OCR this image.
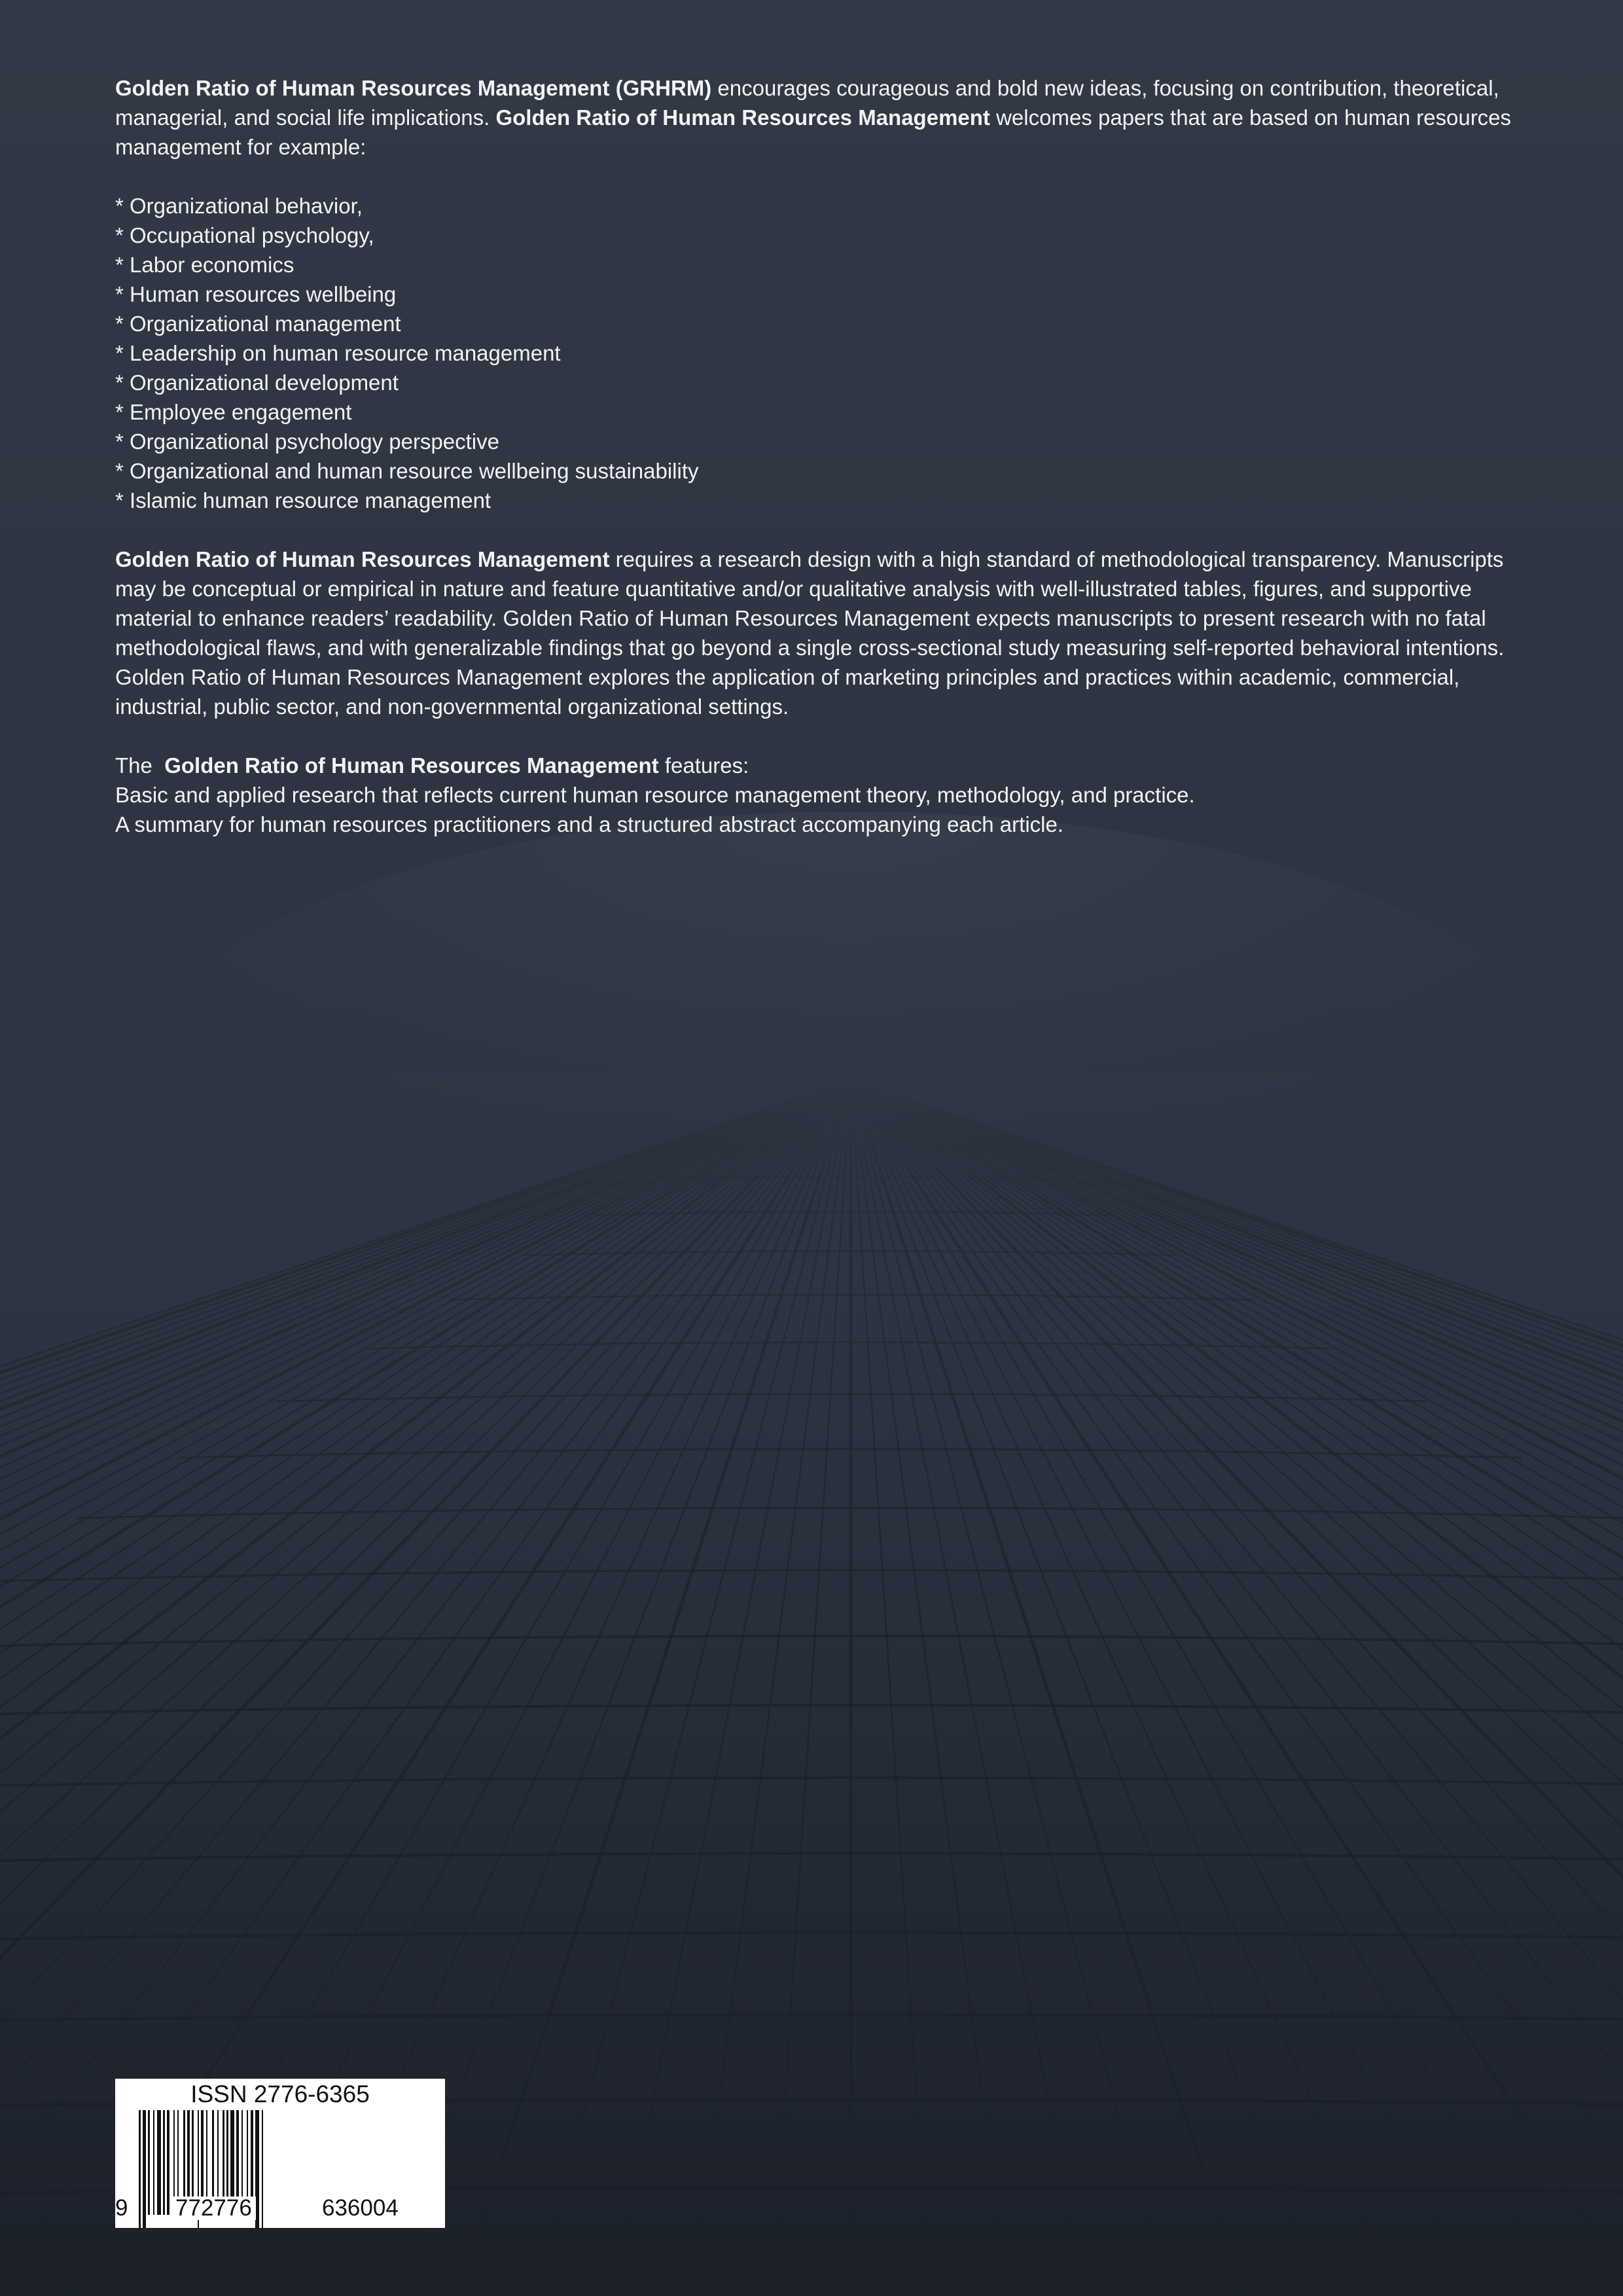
Golden Ratio of Human Resources Management (GRHRM) encourages courageous and bold new ideas, focusing on contribution, theoretical, managerial, and social life implications. Golden Ratio of Human Resources Management welcomes papers that are based on human resources management for example:

* Organizational behavior,
* Occupational psychology,
* Labor economics
* Human resources wellbeing
* Organizational management
* Leadership on human resource management
* Organizational development
* Employee engagement
* Organizational psychology perspective
* Organizational and human resource wellbeing sustainability
* Islamic human resource management

Golden Ratio of Human Resources Management requires a research design with a high standard of methodological transparency. Manuscripts may be conceptual or empirical in nature and feature quantitative and/or qualitative analysis with well-illustrated tables, figures, and supportive material to enhance readers’ readability. Golden Ratio of Human Resources Management expects manuscripts to present research with no fatal methodological flaws, and with generalizable findings that go beyond a single cross-sectional study measuring self-reported behavioral intentions. Golden Ratio of Human Resources Management explores the application of marketing principles and practices within academic, commercial, industrial, public sector, and non-governmental organizational settings.

The  Golden Ratio of Human Resources Management features:

Basic and applied research that reflects current human resource management theory, methodology, and practice.

A summary for human resources practitioners and a structured abstract accompanying each article.

ISSN 2776-6365
9 772776	636004
